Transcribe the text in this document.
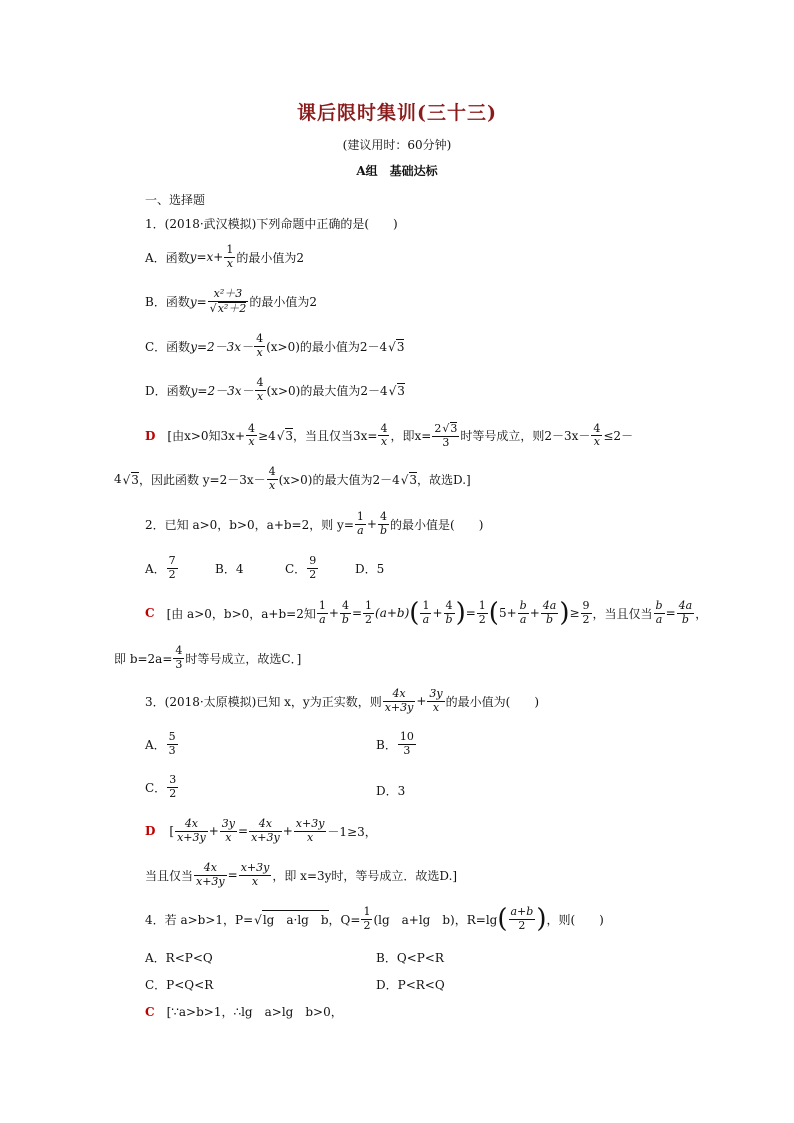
课后限时集训(三十三)
(建议用时：60分钟)
A组　基础达标
一、选择题
1．(2018·武汉模拟)下列命题中正确的是(　　)
A．函数 $y=x+ \frac{1}{x}$ 的最小值为2
B．函数 y= x²＋3
√ x²＋2 的最小值为2
C．函数 y=2－3x－
4
x (x>0)的最小值为2－4 √ 3
D．函数 y=2－3x－
4
x (x>0)的最大值为2－4 √ 3
D [由x>0知$3x+ \frac{4}{x} \ge 4$ √ 3 ，当且仅当$3x= \frac{4}{x}$ ，即$x= \frac{2 √ 3}{3}$ 时等号成立，则$2-3x- \frac{4}{x} \le 2-$
4 √ 3 ，因此函数 y=2－3x－
4
x (x>0)的最大值为2－4 √ 3 ，故选D.]
2．已知 a>0，b>0，a+b=2，则 $y= \frac{1}{a} + \frac{4}{b}$ 的最小值是(　　)
A． $\frac{7}{2}$	B．4	C． $\frac{9}{2}$	D．5
C [由 a>0，b>0，a+b=2知
1
a +
4
$b = \frac{1}{2} (a+b)$ ( 1
a +
4
b ) = $\frac{1}{2}$ ( $5+ \frac{b}{a}$ +
4a
b ) ≥ $\frac{9}{2}$ ，当且仅当
b
a =
4a
b ，
即 $b=2a= \frac{4}{3}$ 时等号成立，故选C．]
3．(2018·太原模拟)已知 x，y为正实数，则
4x
x+3y +
3y
x 的最小值为(　　)
A． $\frac{5}{3}$	B． $\frac{10}{3}$
C． $\frac{3}{2}$	D．3
D [
4x
x+3y +
3y
x =
4x
x+3y +
x+3y
x	－1≥3，
当且仅当
4x
x+3y =
x+3y
x	，即 x=3y时，等号成立．故选D.]
4．若 a>b>1，P= √ lg　a·lg　b ，$Q= \frac{1}{2} (\lg$　a+lg　b)，R=lg ( a+b
2 ) ，则(　　)
A．R<P<Q	B．Q<P<R
C．P<Q<R	D．P<R<Q
C [∵a>b>1，∴lg　a>lg　b>0，
